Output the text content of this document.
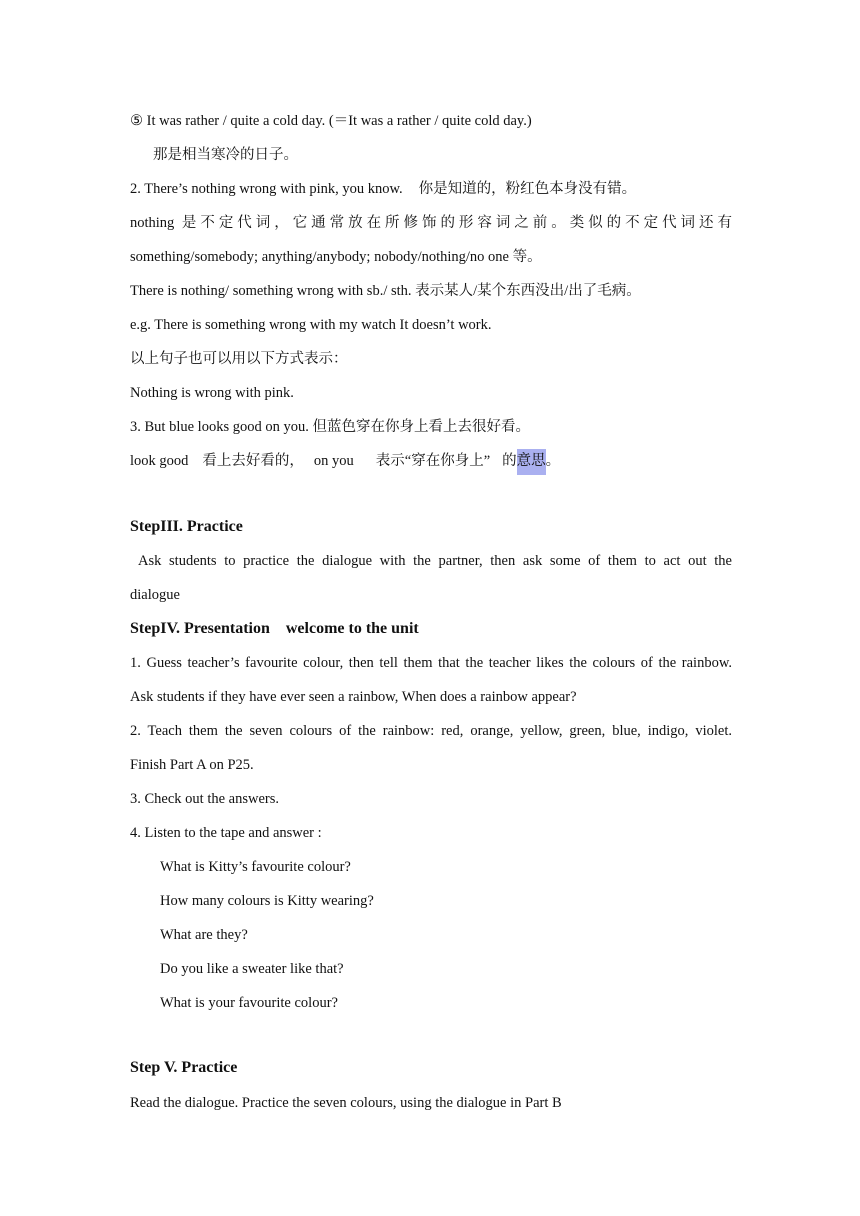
⑤ It was rather / quite a cold day. (＝It was a rather / quite cold day.)
那是相当寒冷的日子。
2. There’s nothing wrong with pink, you know. 你是知道的，粉红色本身没有错。
nothing 是不定代词，它通常放在所修饰的形容词之前。类似的不定代词还有
something/somebody; anything/anybody; nobody/nothing/no one 等。
There is nothing/ something wrong with sb./ sth. 表示某人/某个东西没出/出了毛病。
e.g. There is something wrong with my watch It doesn’t work.
以上句子也可以用以下方式表示：
Nothing is wrong with pink.
3. But blue looks good on you. 但蓝色穿在你身上看上去很好看。
look good 看上去好看的， on you 表示“穿在你身上” 的意思。
StepIII. Practice
Ask students to practice the dialogue with the partner, then ask some of them to act out the
dialogue
StepIV. Presentation welcome to the unit
1. Guess teacher’s favourite colour, then tell them that the teacher likes the colours of the rainbow.
Ask students if they have ever seen a rainbow, When does a rainbow appear?
2. Teach them the seven colours of the rainbow: red, orange, yellow, green, blue, indigo, violet.
Finish Part A on P25.
3. Check out the answers.
4. Listen to the tape and answer :
What is Kitty’s favourite colour?
How many colours is Kitty wearing?
What are they?
Do you like a sweater like that?
What is your favourite colour?
Step V. Practice
Read the dialogue. Practice the seven colours, using the dialogue in Part B
